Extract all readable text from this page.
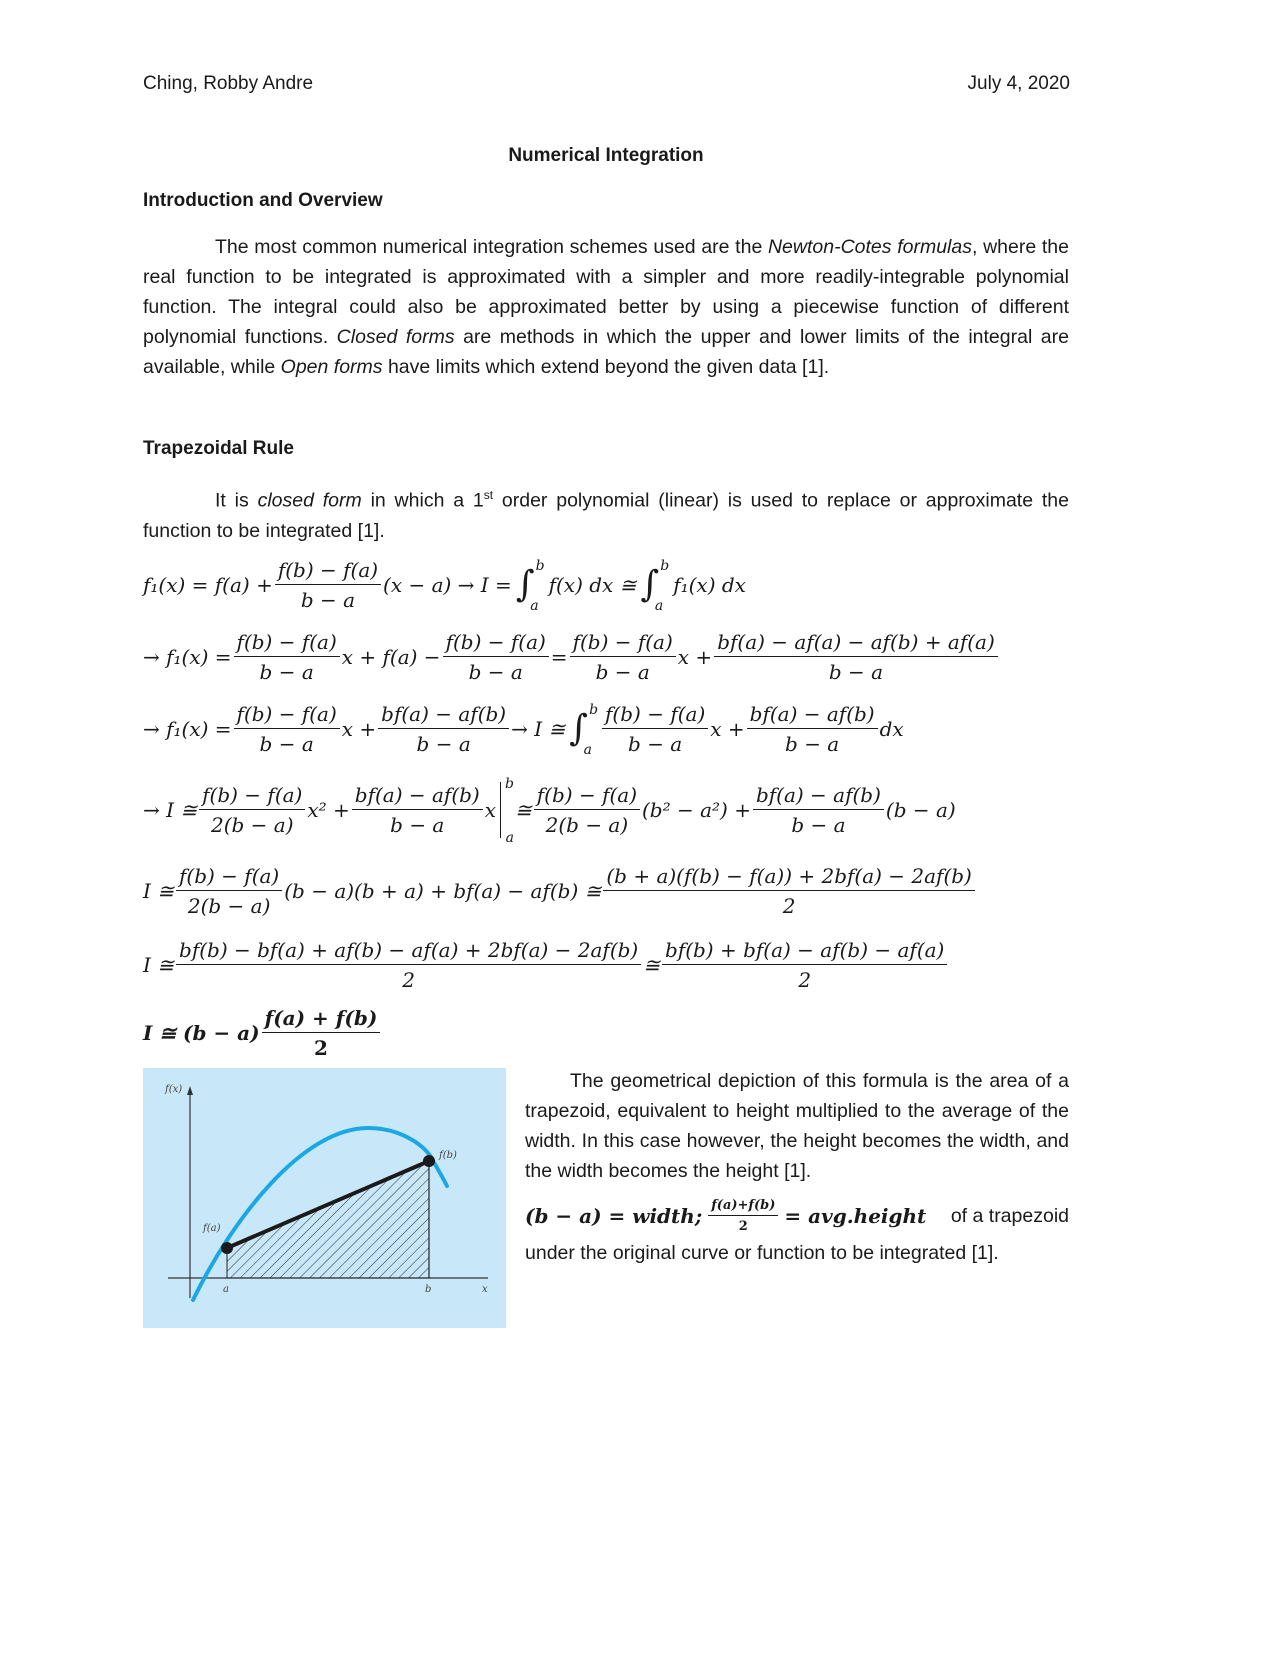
Ching, Robby Andre	July 4, 2020
Numerical Integration
Introduction and Overview
The most common numerical integration schemes used are the Newton-Cotes formulas, where the real function to be integrated is approximated with a simpler and more readily-integrable polynomial function. The integral could also be approximated better by using a piecewise function of different polynomial functions. Closed forms are methods in which the upper and lower limits of the integral are available, while Open forms have limits which extend beyond the given data [1].
Trapezoidal Rule
It is closed form in which a 1st order polynomial (linear) is used to replace or approximate the function to be integrated [1].
$f_1(x) = f(a) + \frac{f(b) - f(a)}{b - a} (x - a) \to I$ = ∫ b
a
f(x) dx ≅ ∫ b
a
f₁(x) dx
→ $f_1(x) = \frac{f(b) - f(a)}{b - a}$ $x + f(a) - \frac{f(b) - f(a)}{b - a} = \frac{f(b) - f(a)}{b - a}$ $x + \frac{bf(a) - af(a) - af(b) + af(a)}{b - a}$
→ $f_1(x) = \frac{f(b) - f(a)}{b - a}$ $x + \frac{bf(a) - af(b)}{b - a} \to I$ ≅ ∫ b
a $\frac{f(b) - f(a)}{b - a}$ $x + \frac{bf(a) - af(b)}{b - a}$ dx
→ I ≅ $\frac{f(b) - f(a)}{2(b - a)} x^2 + \frac{bf(a) - af(b)}{b - a}$ x
b
a
≅ $\frac{f(b) - f(a)}{2(b - a)} (b^2 - a^2) + \frac{bf(a) - af(b)}{b - a} (b - a)$
I ≅ $\frac{f(b) - f(a)}{2(b - a)} (b - a)(b + a) + bf(a) - af(b)$ ≅ $\frac{(b + a)(f(b) - f(a)) + 2bf(a) - 2af(b)}{2}$
I ≅ $\frac{bf(b) - bf(a) + af(b) - af(a) + 2bf(a) - 2af(b)}{2}$ ≅ $\frac{bf(b) + bf(a) - af(b) - af(a)}{2}$
I ≅ $(b - a) \frac{f(a) + f(b)}{2}$
f(x)
f(a)
f(b)
a	b	x
The geometrical depiction of this formula is the area of a trapezoid, equivalent to height multiplied to the average of the width. In this case however, the height becomes the width, and the width becomes the height [1].
(b − a) = width; $\frac{f(a)+f(b)}{2}$ = avg.height	of a trapezoid
under the original curve or function to be integrated [1].
